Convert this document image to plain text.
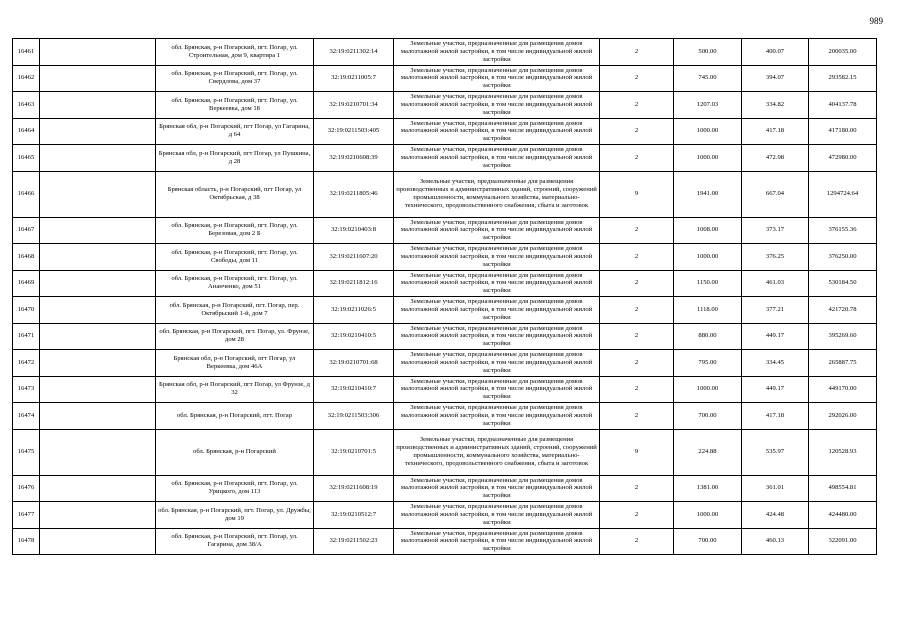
989
16461		обл. Брянская, р-н Погарский, пгт. Погар, ул. Строительная, дом 9, квартира 1	32:19:0211302:14	Земельные участки, предназначенные для размещения домов малоэтажной жилой застройки, в том числе индивидуальной жилой застройки	2	500.00	400.07	200035.00
16462		обл. Брянская, р-н Погарский, пгт. Погар, ул. Свердлова, дом 37	32:19:0211005:7	Земельные участки, предназначенные для размещения домов малоэтажной жилой застройки, в том числе индивидуальной жилой застройки	2	745.00	394.07	293582.15
16463		обл. Брянская, р-н Погарский, пгт. Погар, ул. Веркеевка, дом 18	32:19:0210701:34	Земельные участки, предназначенные для размещения домов малоэтажной жилой застройки, в том числе индивидуальной жилой застройки	2	1207.03	334.82	404137.78
16464		Брянская обл, р-н Погарский, пгт Погар, ул Гагарина, д 64	32:19:0211503:405	Земельные участки, предназначенные для размещения домов малоэтажной жилой застройки, в том числе индивидуальной жилой застройки	2	1000.00	417.18	417180.00
16465		Брянская обл, р-н Погарский, пгт Погар, ул Пушкина, д 28	32:19:0210608:39	Земельные участки, предназначенные для размещения домов малоэтажной жилой застройки, в том числе индивидуальной жилой застройки	2	1000.00	472.98	472980.00
16466		Брянская область, р-н Погарский, пгт Погар, ул Октябрьская, д 38	32:19:0211805:46	Земельные участки, предназначенные для размещения производственных и административных зданий, строений, сооружений промышленности, коммунального хозяйства, материально-технического, продовольственного снабжения, сбыта и заготовок	9	1941.00	667.04	1294724.64
16467		обл. Брянская, р-н Погарский, пгт. Погар, ул. Березовая, дом 2 Б	32:19:0210403:8	Земельные участки, предназначенные для размещения домов малоэтажной жилой застройки, в том числе индивидуальной жилой застройки	2	1008.00	373.17	376155.36
16468		обл. Брянская, р-н Погарский, пгт. Погар, ул. Свободы, дом 11	32:19:0211607:20	Земельные участки, предназначенные для размещения домов малоэтажной жилой застройки, в том числе индивидуальной жилой застройки	2	1000.00	376.25	376250.00
16469		обл. Брянская, р-н Погарский, пгт. Погар, ул. Ананченко, дом 51	32:19:0211812:16	Земельные участки, предназначенные для размещения домов малоэтажной жилой застройки, в том числе индивидуальной жилой застройки	2	1150.00	461.03	530184.50
16470		обл. Брянская, р-н Погарский, пгт. Погар, пер. Октябрьский 1-й, дом 7	32:19:0211026:5	Земельные участки, предназначенные для размещения домов малоэтажной жилой застройки, в том числе индивидуальной жилой застройки	2	1118.00	377.21	421720.78
16471		обл. Брянская, р-н Погарский, пгт. Погар, ул. Фрунзе, дом 28	32:19:0210410:5	Земельные участки, предназначенные для размещения домов малоэтажной жилой застройки, в том числе индивидуальной жилой застройки	2	880.00	449.17	395269.60
16472		Брянская обл, р-н Погарский, пгт Погар, ул Веркеевка, дом 46А	32:19:0210701:68	Земельные участки, предназначенные для размещения домов малоэтажной жилой застройки, в том числе индивидуальной жилой застройки	2	795.00	334.45	265887.75
16473		Брянская обл, р-н Погарский, пгт Погар, ул Фрунзе, д 32	32:19:0210410:7	Земельные участки, предназначенные для размещения домов малоэтажной жилой застройки, в том числе индивидуальной жилой застройки	2	1000.00	449.17	449170.00
16474		обл. Брянская, р-н Погарский, пгт. Погар	32:19:0211503:306	Земельные участки, предназначенные для размещения домов малоэтажной жилой застройки, в том числе индивидуальной жилой застройки	2	700.00	417.18	292026.00
16475		обл. Брянская, р-н Погарский	32:19:0210701:5	Земельные участки, предназначенные для размещения производственных и административных зданий, строений, сооружений промышленности, коммунального хозяйства, материально-технического, продовольственного снабжения, сбыта и заготовок	9	224.88	535.97	120528.93
16476		обл. Брянская, р-н Погарский, пгт. Погар, ул. Урицкого, дом 113	32:19:0211608:19	Земельные участки, предназначенные для размещения домов малоэтажной жилой застройки, в том числе индивидуальной жилой застройки	2	1381.00	361.01	498554.81
16477		обл. Брянская, р-н Погарский, пгт. Погар, ул. Дружбы, дом 19	32:19:0210512:7	Земельные участки, предназначенные для размещения домов малоэтажной жилой застройки, в том числе индивидуальной жилой застройки	2	1000.00	424.48	424480.00
16478		обл. Брянская, р-н Погарский, пгт. Погар, ул. Гагарина, дом 38/А	32:19:0211502:23	Земельные участки, предназначенные для размещения домов малоэтажной жилой застройки, в том числе индивидуальной жилой застройки	2	700.00	460.13	322091.00
